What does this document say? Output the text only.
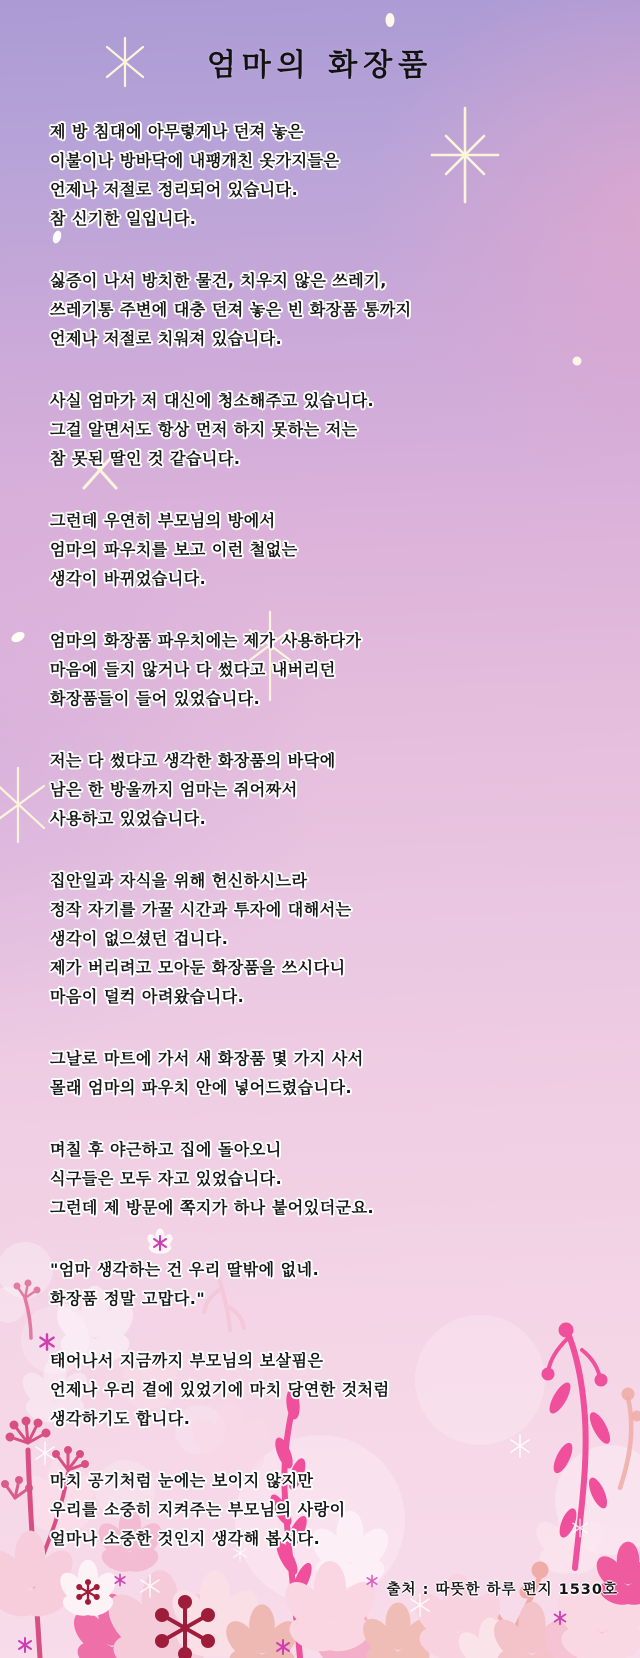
엄마의 화장품
제 방 침대에 아무렇게나 던져 놓은
이불이나 방바닥에 내팽개친 옷가지들은
언제나 저절로 정리되어 있습니다.
참 신기한 일입니다.
싫증이 나서 방치한 물건, 치우지 않은 쓰레기,
쓰레기통 주변에 대충 던져 놓은 빈 화장품 통까지
언제나 저절로 치워져 있습니다.
사실 엄마가 저 대신에 청소해주고 있습니다.
그걸 알면서도 항상 먼저 하지 못하는 저는
참 못된 딸인 것 같습니다.
그런데 우연히 부모님의 방에서
엄마의 파우치를 보고 이런 철없는
생각이 바뀌었습니다.
엄마의 화장품 파우치에는 제가 사용하다가
마음에 들지 않거나 다 썼다고 내버리던
화장품들이 들어 있었습니다.
저는 다 썼다고 생각한 화장품의 바닥에
남은 한 방울까지 엄마는 쥐어짜서
사용하고 있었습니다.
집안일과 자식을 위해 헌신하시느라
정작 자기를 가꿀 시간과 투자에 대해서는
생각이 없으셨던 겁니다.
제가 버리려고 모아둔 화장품을 쓰시다니
마음이 덜컥 아려왔습니다.
그날로 마트에 가서 새 화장품 몇 가지 사서
몰래 엄마의 파우치 안에 넣어드렸습니다.
며칠 후 야근하고 집에 돌아오니
식구들은 모두 자고 있었습니다.
그런데 제 방문에 쪽지가 하나 붙어있더군요.
"엄마 생각하는 건 우리 딸밖에 없네.
화장품 정말 고맙다."
태어나서 지금까지 부모님의 보살핌은
언제나 우리 곁에 있었기에 마치 당연한 것처럼
생각하기도 합니다.
마치 공기처럼 눈에는 보이지 않지만
우리를 소중히 지켜주는 부모님의 사랑이
얼마나 소중한 것인지 생각해 봅시다.
출처 : 따뜻한 하루 편지 1530호
